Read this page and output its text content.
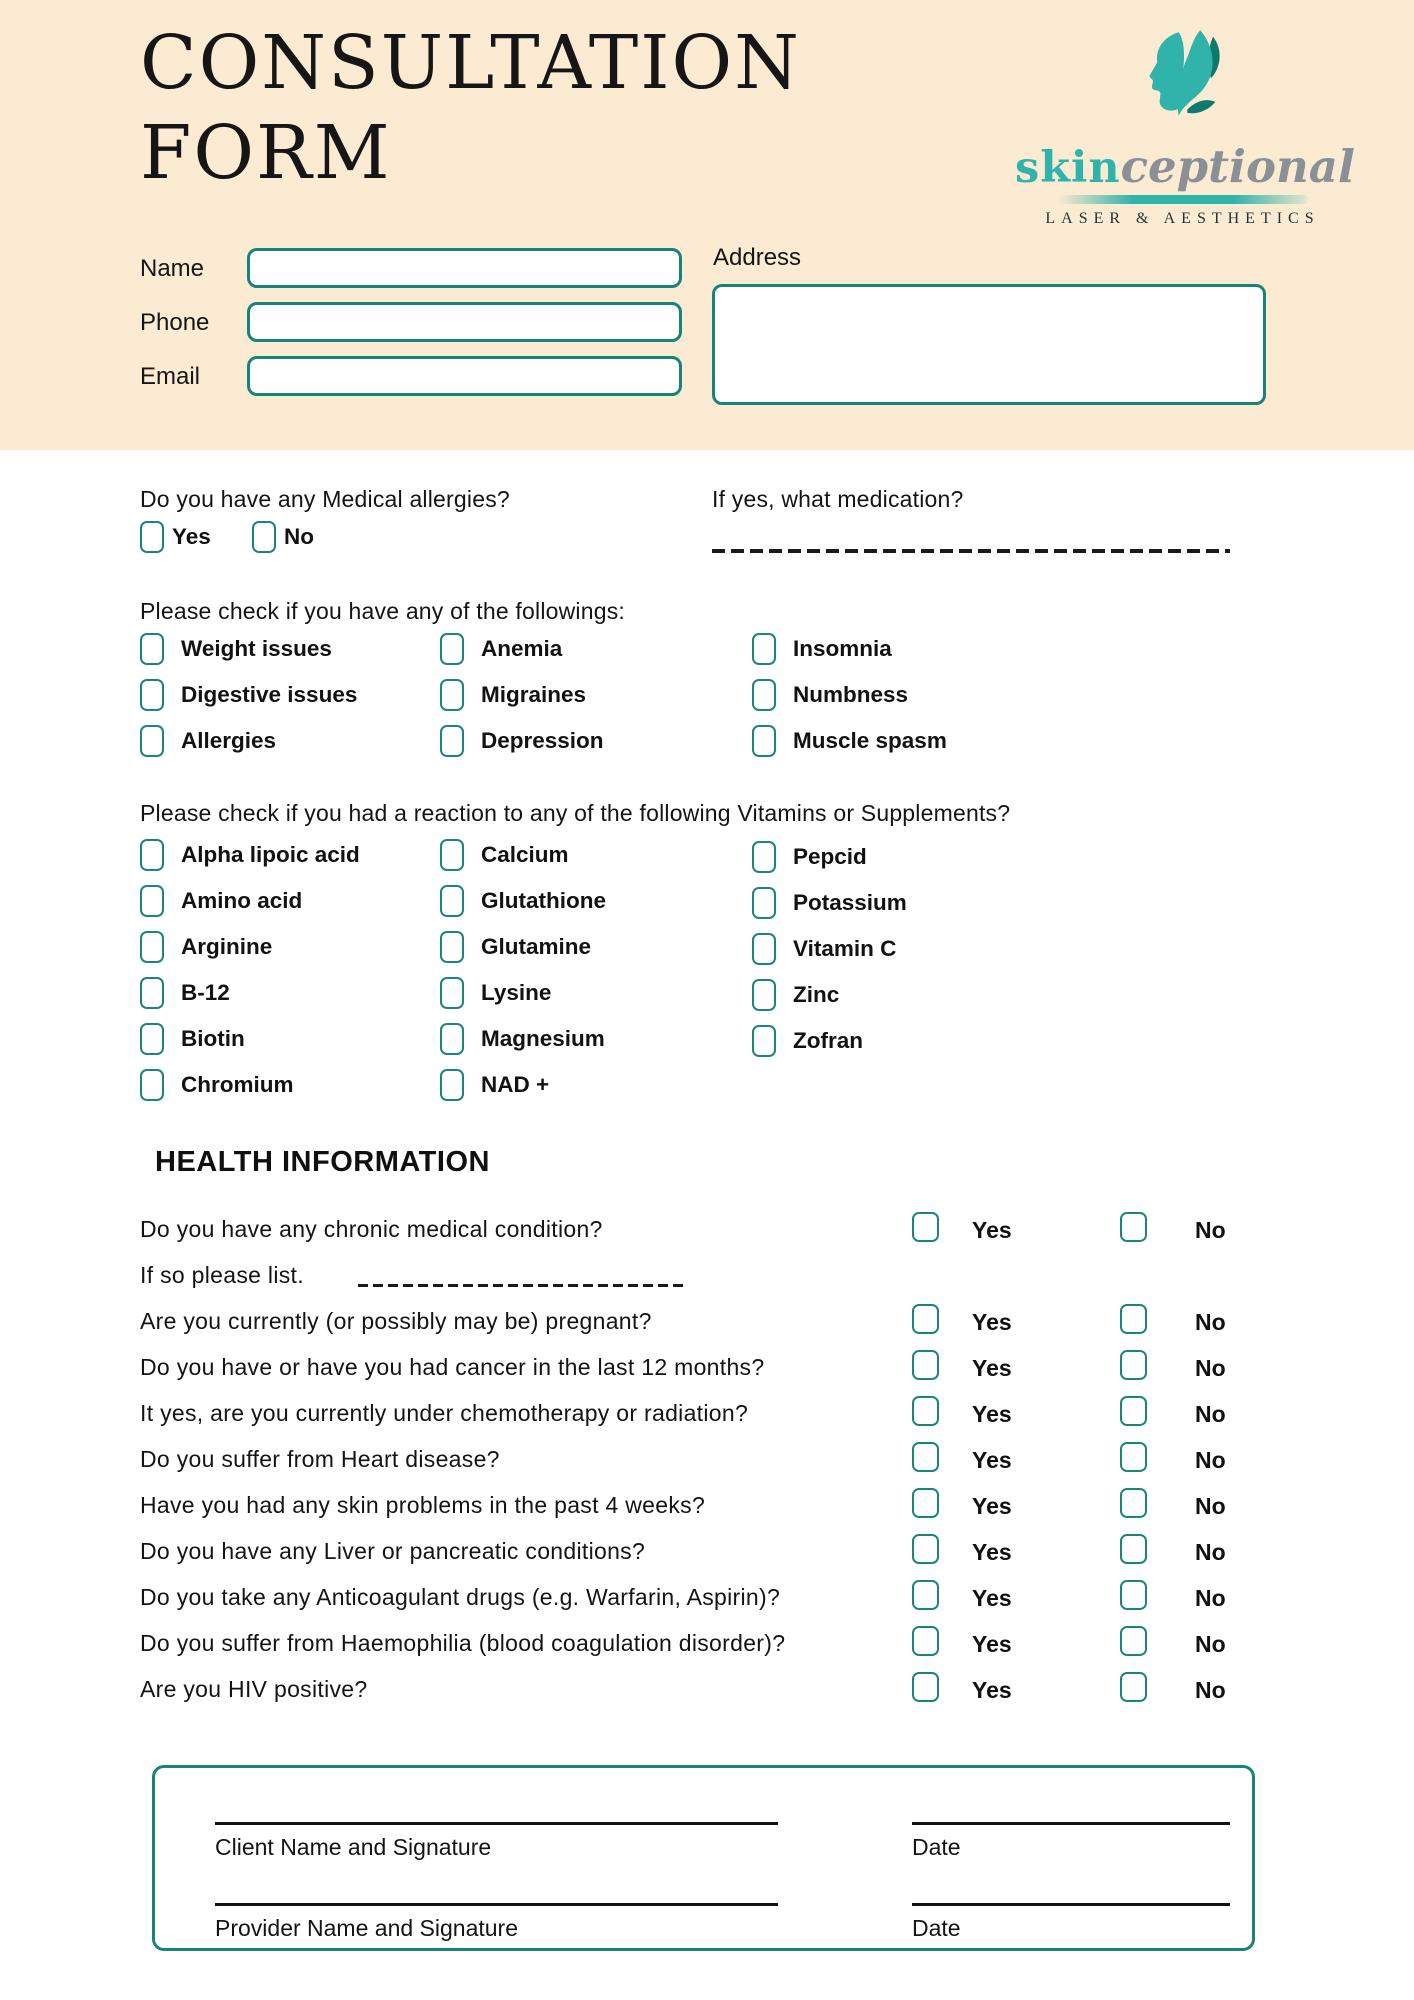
CONSULTATION
FORM	skinceptional
LASER & AESTHETICS
Name
Phone
Email
Address
Do you have any Medical allergies?	If yes, what medication?
Yes	No
Please check if you have any of the followings:
Weight issues
Digestive issues
Allergies
Anemia
Migraines
Depression
Insomnia
Numbness
Muscle spasm
Please check if you had a reaction to any of the following Vitamins or Supplements?
Alpha lipoic acid
Amino acid
Arginine
B-12
Biotin
Chromium
Calcium
Glutathione
Glutamine
Lysine
Magnesium
NAD +
Pepcid
Potassium
Vitamin C
Zinc
Zofran
HEALTH INFORMATION
Do you have any chronic medical condition?	Yes	No
If so please list.
Are you currently (or possibly may be) pregnant?	Yes	No
Do you have or have you had cancer in the last 12 months?	Yes	No
It yes, are you currently under chemotherapy or radiation?	Yes	No
Do you suffer from Heart disease?	Yes	No
Have you had any skin problems in the past 4 weeks?	Yes	No
Do you have any Liver or pancreatic conditions?	Yes	No
Do you take any Anticoagulant drugs (e.g. Warfarin, Aspirin)?	Yes	No
Do you suffer from Haemophilia (blood coagulation disorder)?	Yes	No
Are you HIV positive?	Yes	No
Client Name and Signature	Date
Provider Name and Signature	Date
